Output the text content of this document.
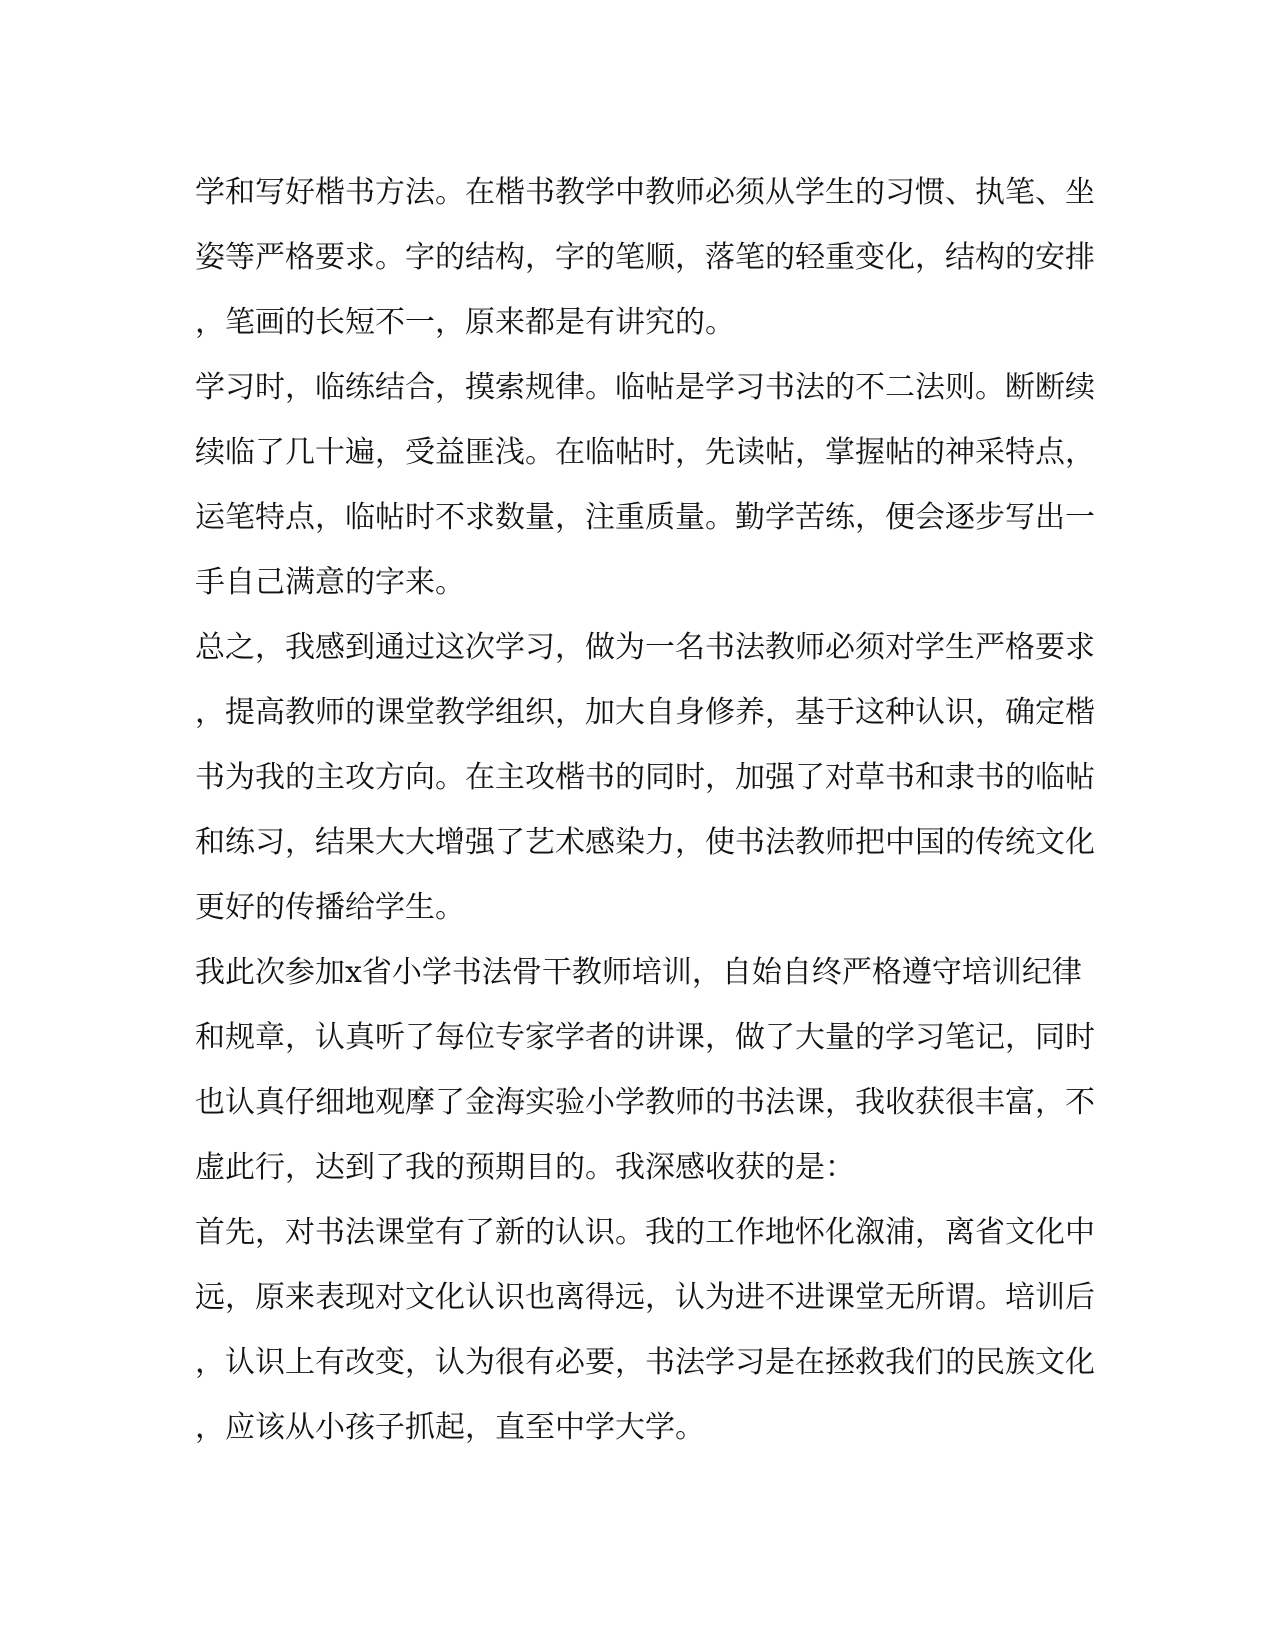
学和写好楷书方法。在楷书教学中教师必须从学生的习惯、执笔、坐
姿等严格要求。字的结构，字的笔顺，落笔的轻重变化，结构的安排
，笔画的长短不一，原来都是有讲究的。
学习时，临练结合，摸索规律。临帖是学习书法的不二法则。断断续
续临了几十遍，受益匪浅。在临帖时，先读帖，掌握帖的神采特点，
运笔特点，临帖时不求数量，注重质量。勤学苦练，便会逐步写出一
手自己满意的字来。
总之，我感到通过这次学习，做为一名书法教师必须对学生严格要求
，提高教师的课堂教学组织，加大自身修养，基于这种认识，确定楷
书为我的主攻方向。在主攻楷书的同时，加强了对草书和隶书的临帖
和练习，结果大大增强了艺术感染力，使书法教师把中国的传统文化
更好的传播给学生。
我此次参加x省小学书法骨干教师培训，自始自终严格遵守培训纪律
和规章，认真听了每位专家学者的讲课，做了大量的学习笔记，同时
也认真仔细地观摩了金海实验小学教师的书法课，我收获很丰富，不
虚此行，达到了我的预期目的。我深感收获的是：
首先，对书法课堂有了新的认识。我的工作地怀化溆浦，离省文化中
远，原来表现对文化认识也离得远，认为进不进课堂无所谓。培训后
，认识上有改变，认为很有必要，书法学习是在拯救我们的民族文化
，应该从小孩子抓起，直至中学大学。
